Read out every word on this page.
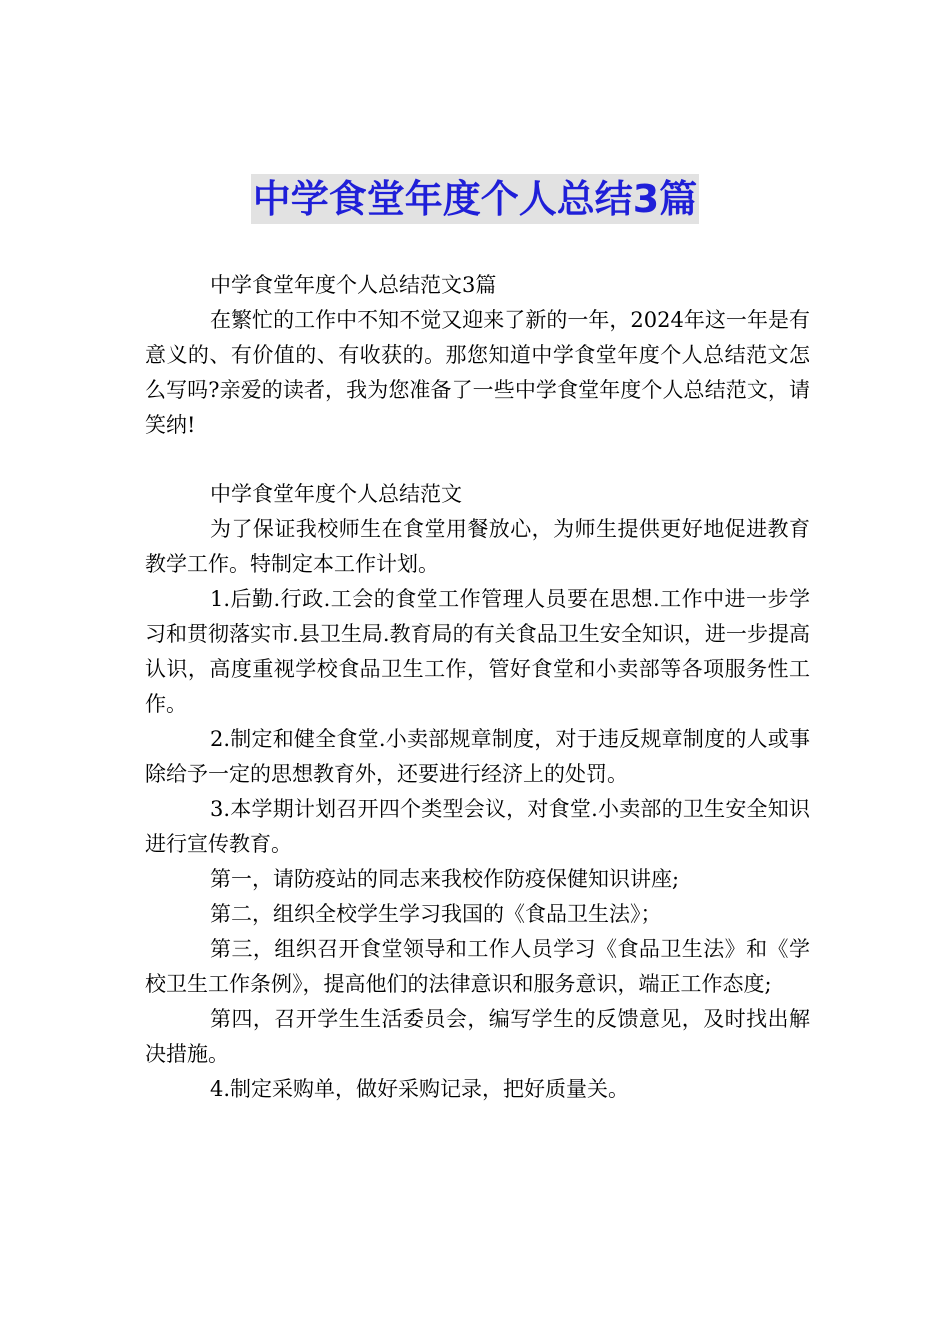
中学食堂年度个人总结3篇

中学食堂年度个人总结范文3篇

在繁忙的工作中不知不觉又迎来了新的一年，2024年这一年是有意义的、有价值的、有收获的。那您知道中学食堂年度个人总结范文怎么写吗?亲爱的读者，我为您准备了一些中学食堂年度个人总结范文，请笑纳!

中学食堂年度个人总结范文

为了保证我校师生在食堂用餐放心，为师生提供更好地促进教育教学工作。特制定本工作计划。

1.后勤.行政.工会的食堂工作管理人员要在思想.工作中进一步学习和贯彻落实市.县卫生局.教育局的有关食品卫生安全知识，进一步提高认识，高度重视学校食品卫生工作，管好食堂和小卖部等各项服务性工作。

2.制定和健全食堂.小卖部规章制度，对于违反规章制度的人或事除给予一定的思想教育外，还要进行经济上的处罚。

3.本学期计划召开四个类型会议，对食堂.小卖部的卫生安全知识进行宣传教育。

第一，请防疫站的同志来我校作防疫保健知识讲座;

第二，组织全校学生学习我国的《食品卫生法》；

第三，组织召开食堂领导和工作人员学习《食品卫生法》和《学校卫生工作条例》，提高他们的法律意识和服务意识，端正工作态度;

第四，召开学生生活委员会，编写学生的反馈意见，及时找出解决措施。

4.制定采购单，做好采购记录，把好质量关。
